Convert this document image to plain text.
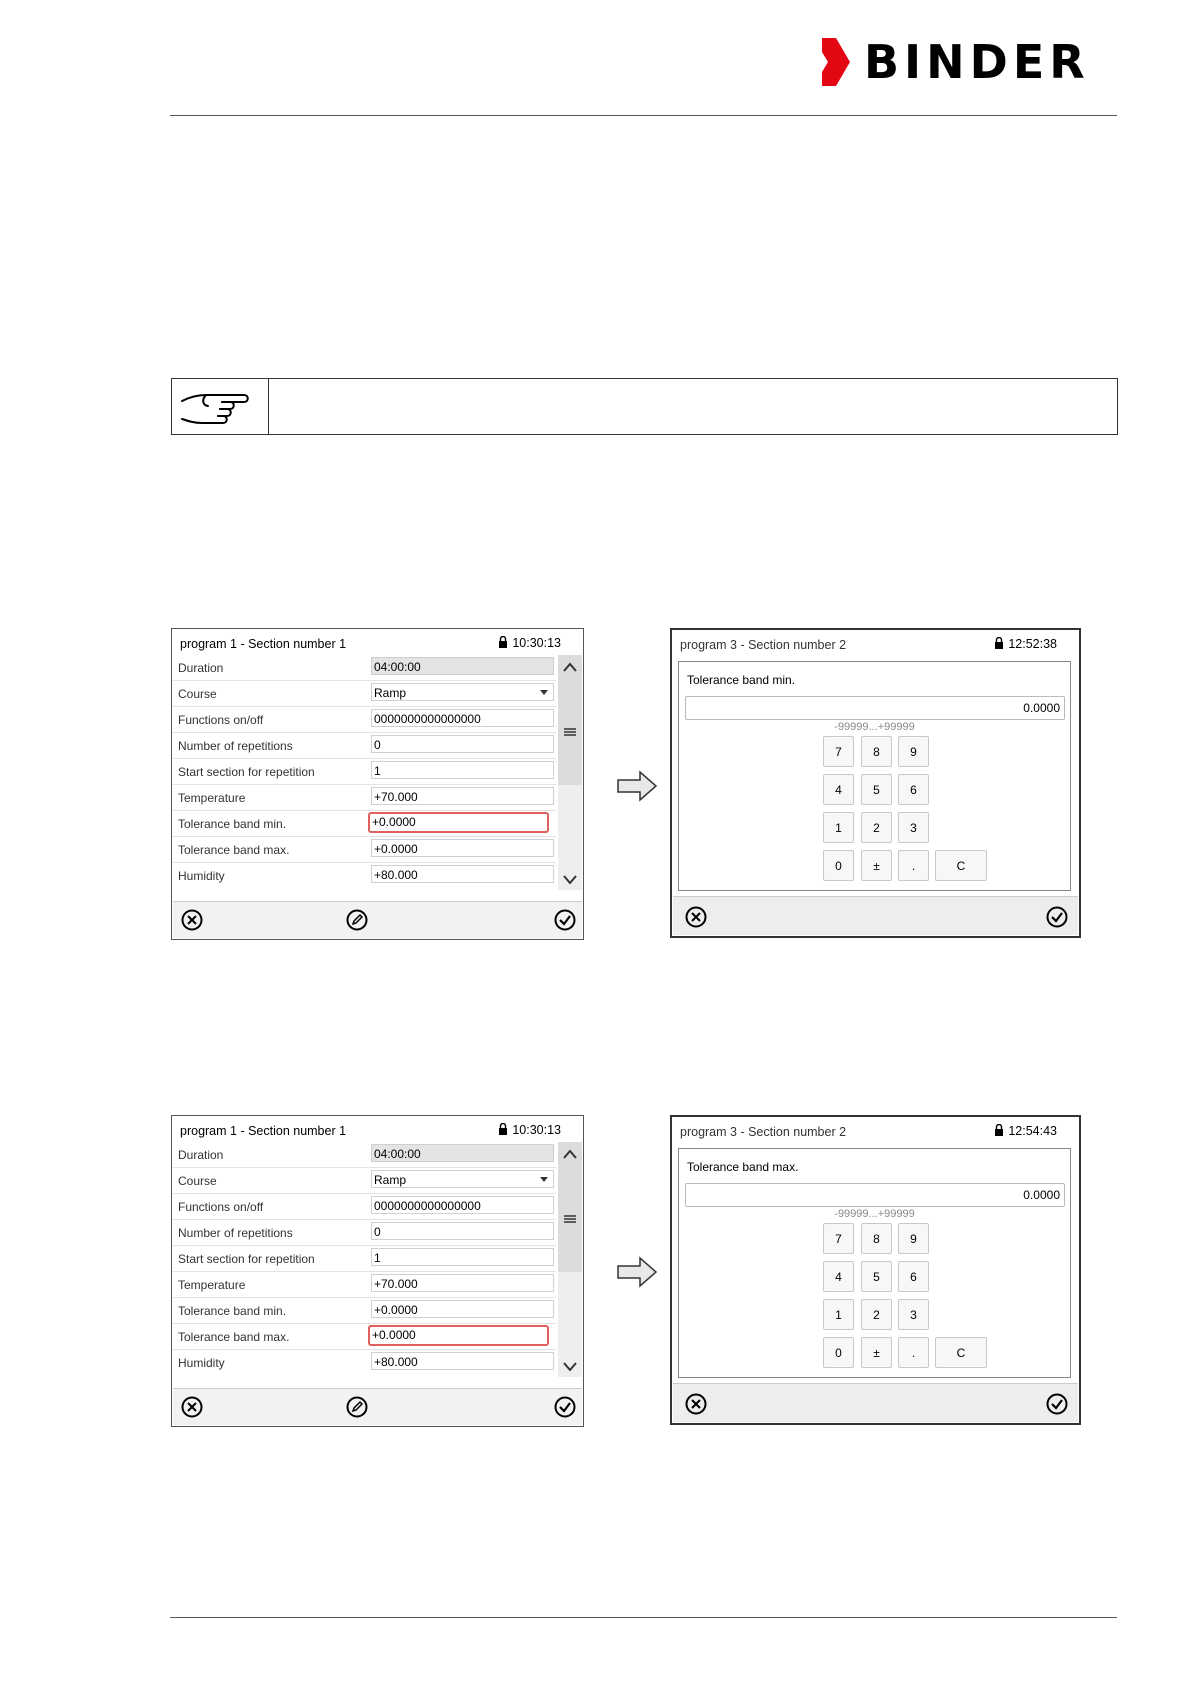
BINDER
program 1 - Section number 1	10:30:13
Duration	04:00:00
Course	Ramp
Functions on/off	0000000000000000
Number of repetitions	0
Start section for repetition	1
Temperature	+70.000
Tolerance band min.	+0.0000
Tolerance band max.	+0.0000
Humidity	+80.000
program 3 - Section number 2	12:52:38
Tolerance band min.
0.0000
-99999...+99999
7	8	9
4	5	6
1	2	3
0	±	.	C
program 1 - Section number 1	10:30:13
Duration	04:00:00
Course	Ramp
Functions on/off	0000000000000000
Number of repetitions	0
Start section for repetition	1
Temperature	+70.000
Tolerance band min.	+0.0000
Tolerance band max.	+0.0000
Humidity	+80.000
program 3 - Section number 2	12:54:43
Tolerance band max.
0.0000
-99999...+99999
7	8	9
4	5	6
1	2	3
0	±	.	C
